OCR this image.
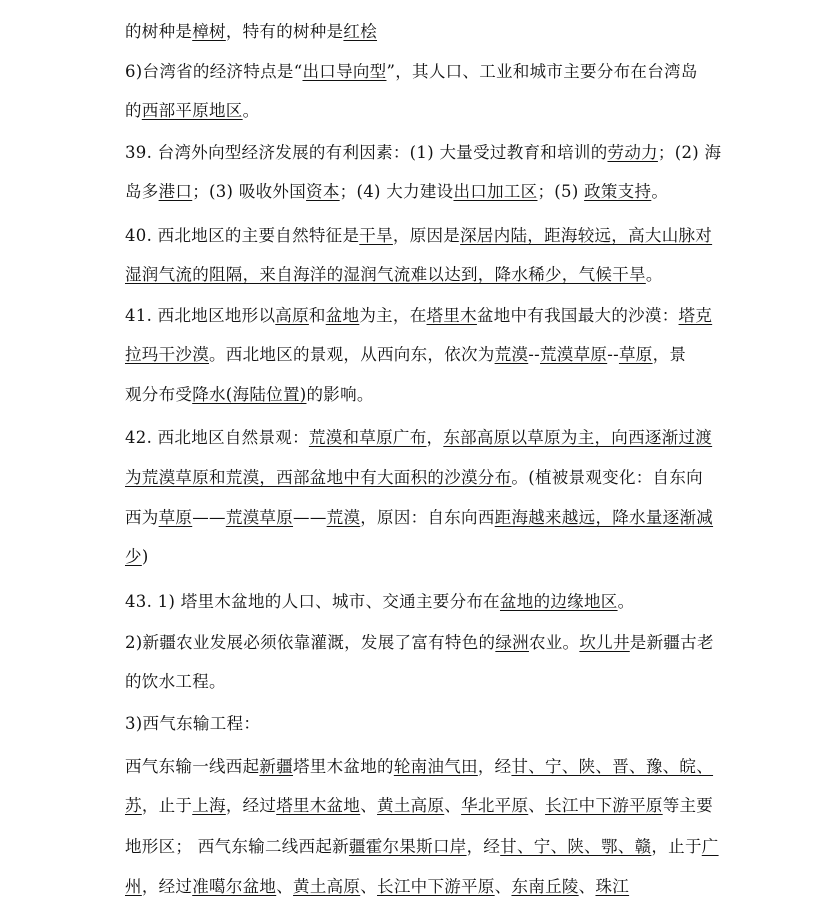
的树种是樟树，特有的树种是红桧
6)台湾省的经济特点是“出口导向型”，其人口、工业和城市主要分布在台湾岛
的西部平原地区。
39. 台湾外向型经济发展的有利因素：(1) 大量受过教育和培训的劳动力；(2) 海
岛多港口；(3) 吸收外国资本；(4) 大力建设出口加工区；(5) 政策支持。
40. 西北地区的主要自然特征是干旱，原因是深居内陆，距海较远，高大山脉对
湿润气流的阻隔，来自海洋的湿润气流难以达到，降水稀少，气候干旱。
41. 西北地区地形以高原和盆地为主，在塔里木盆地中有我国最大的沙漠：塔克
拉玛干沙漠。西北地区的景观，从西向东，依次为荒漠--荒漠草原--草原，景
观分布受降水(海陆位置)的影响。
42. 西北地区自然景观：荒漠和草原广布，东部高原以草原为主，向西逐渐过渡
为荒漠草原和荒漠，西部盆地中有大面积的沙漠分布。(植被景观变化：自东向
西为草原——荒漠草原——荒漠，原因：自东向西距海越来越远，降水量逐渐减
少)
43. 1) 塔里木盆地的人口、城市、交通主要分布在盆地的边缘地区。
2)新疆农业发展必须依靠灌溉，发展了富有特色的绿洲农业。坎儿井是新疆古老
的饮水工程。
3)西气东输工程：
西气东输一线西起新疆塔里木盆地的轮南油气田，经甘、宁、陕、晋、豫、皖、
苏，止于上海，经过塔里木盆地、黄土高原、华北平原、长江中下游平原等主要
地形区； 西气东输二线西起新疆霍尔果斯口岸，经甘、宁、陕、鄂、赣，止于广
州，经过准噶尔盆地、黄土高原、长江中下游平原、东南丘陵、珠江
